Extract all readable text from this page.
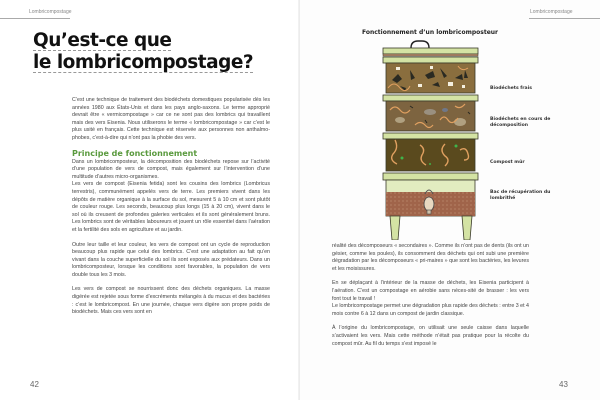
Lombricompostage
Qu’est-ce que
le lombricompostage?

C’est une technique de traitement des biodéchets domestiques popularisée dès les années 1980 aux États-Unis et dans les pays anglo-saxons. Le terme approprié devrait être « vermicompostage » car ce ne sont pas des lombrics qui travaillent mais des vers Eisenia. Nous utiliserons le terme « lombricompostage » car c’est le plus usité en français. Cette technique est réservée aux personnes non anthalmo-phobes, c’est-à-dire qui n’ont pas la phobie des vers.

Principe de fonctionnement

Dans un lombricomposteur, la décomposition des biodéchets repose sur l’activité d’une population de vers de compost, mais également sur l’intervention d’une multitude d’autres micro-organismes.

Les vers de compost (Eisenia fetida) sont les cousins des lombrics (Lombricus terrestris), communément appelés vers de terre. Les premiers vivent dans les dépôts de matière organique à la surface du sol, mesurent 5 à 10 cm et sont plutôt de couleur rouge. Les seconds, beaucoup plus longs (15 à 20 cm), vivent dans le sol où ils creusent de profondes galeries verticales et ils sont généralement bruns. Les lombrics sont de véritables laboureurs et jouent un rôle essentiel dans l’aération et la fertilité des sols en agriculture et au jardin.

Outre leur taille et leur couleur, les vers de compost ont un cycle de reproduction beaucoup plus rapide que celui des lombrics. C’est une adaptation au fait qu’en vivant dans la couche superficielle du sol ils sont exposés aux prédateurs. Dans un lombricomposteur, lorsque les conditions sont favorables, la population de vers double tous les 3 mois.

Les vers de compost se nourrissent donc des déchets organiques. La masse digérée est rejetée sous forme d’excréments mélangés à du mucus et des bactéries : c’est le lombricompost. En une journée, chaque vers digère son propre poids de biodéchets. Mais ces vers sont en

42
Lombricompostage

réalité des décomposeurs « secondaires ». Comme ils n’ont pas de dents (ils ont un gésier, comme les poules), ils consomment des déchets qui ont subi une première dégradation par les décomposeurs « pri-maires » que sont les bactéries, les levures et les moisissures.

En se déplaçant à l’intérieur de la masse de déchets, les Eisenia participent à l’aération. C’est un compostage en aérobie sans néces-sité de brasser : les vers font tout le travail !

Le lombricompostage permet une dégradation plus rapide des déchets : entre 3 et 4 mois contre 6 à 12 dans un compost de jardin classique.

À l’origine du lombricompostage, on utilisait une seule caisse dans laquelle s’activaient les vers. Mais cette méthode n’était pas pratique pour la récolte du compost mûr. Au fil du temps s’est imposé le

43
Fonctionnement d’un lombricomposteur
Biodéchets frais
Biodéchets en cours de décomposition
Compost mûr
Bac de récupération du lombrithé
